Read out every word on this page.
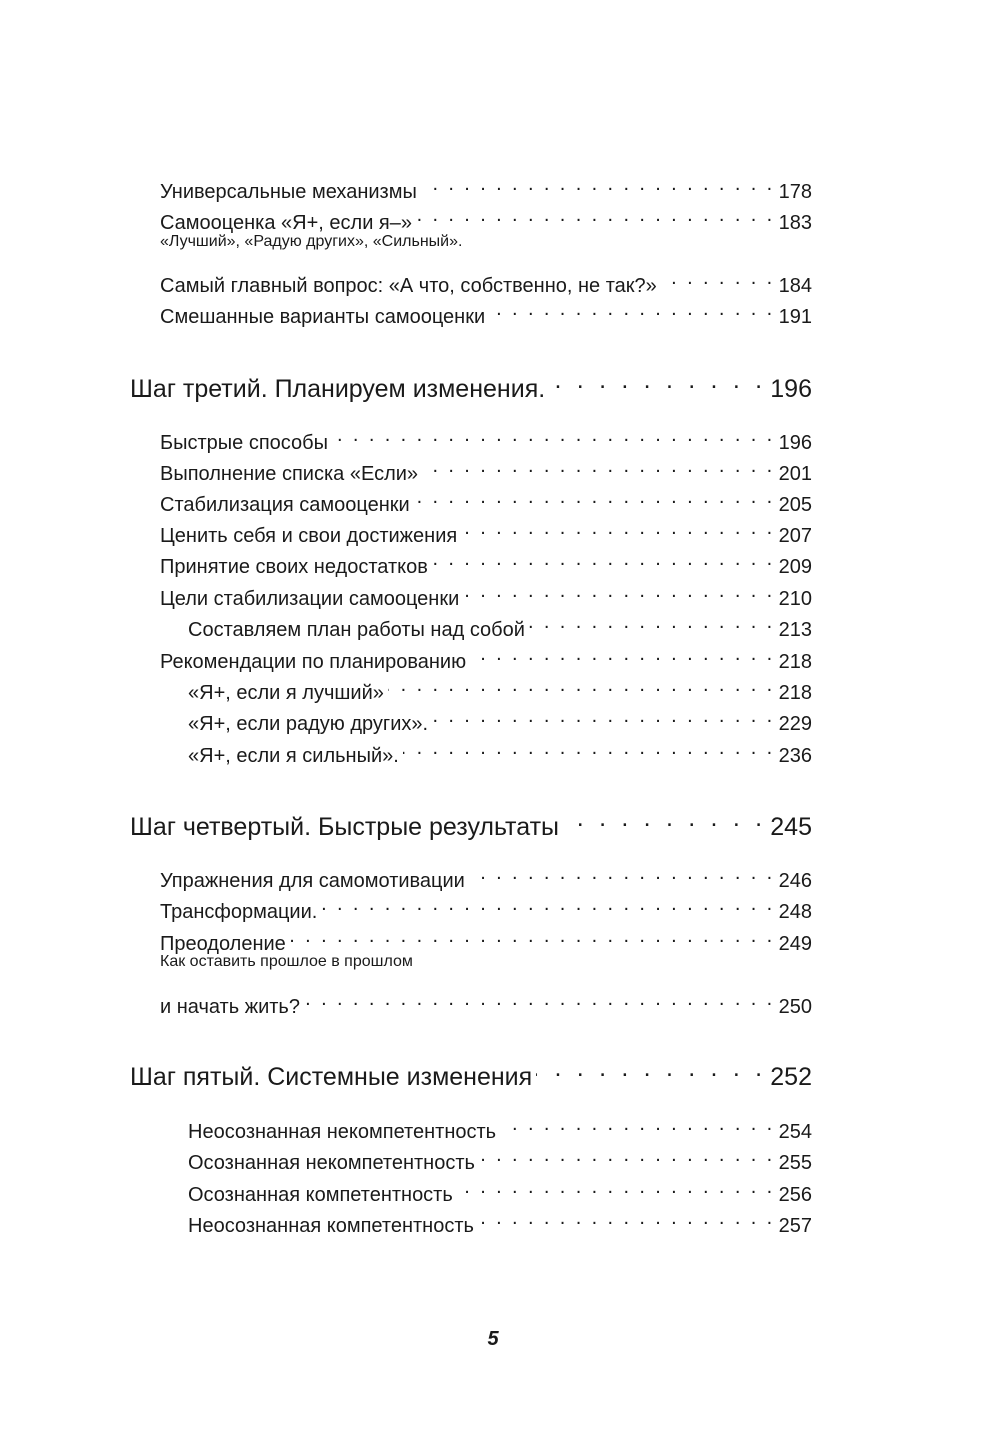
Универсальные механизмы . . .	178
Самооценка «Я+, если я–» . . .	183
«Лучший», «Радую других», «Сильный».
Самый главный вопрос: «А что, собственно, не так?» . . .	184
Смешанные варианты самооценки . . .	191
Шаг третий. Планируем изменения. . . .	196
Быстрые способы . . .	196
Выполнение списка «Если» . . .	201
Стабилизация самооценки . . .	205
Ценить себя и свои достижения . . .	207
Принятие своих недостатков . . .	209
Цели стабилизации самооценки . . .	210
Составляем план работы над собой . . .	213
Рекомендации по планированию . . .	218
«Я+, если я лучший» . . .	218
«Я+, если радую других». . . .	229
«Я+, если я сильный». . . .	236
Шаг четвертый. Быстрые результаты . . .	245
Упражнения для самомотивации . . .	246
Трансформации. . . .	248
Преодоление . . .	249
Как оставить прошлое в прошлом
и начать жить? . . .	250
Шаг пятый. Системные изменения . . .	252
Неосознанная некомпетентность . . .	254
Осознанная некомпетентность . . .	255
Осознанная компетентность . . .	256
Неосознанная компетентность . . .	257
5
